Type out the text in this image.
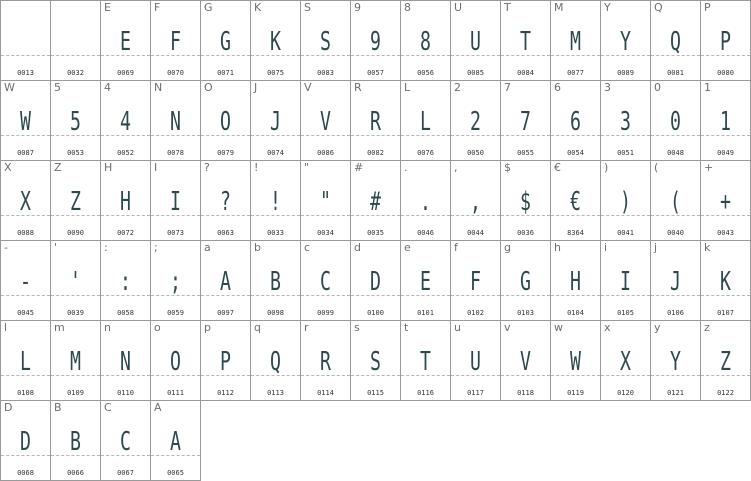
0013	0032
E
E
0069
F
F
0070
G
G
0071
K
K
0075
S
S
0083
9
9
0057
8
8
0056
U
U
0085
T
T
0084
M
M
0077
Y
Y
0089
Q
Q
0081
P
P
0080
W
W
0087
5
5
0053
4
4
0052
N
N
0078
O
O
0079
J
J
0074
V
V
0086
R
R
0082
L
L
0076
2
2
0050
7
7
0055
6
6
0054
3
3
0051
0
0
0048
1
1
0049
X
X
0088
Z
Z
0090
H
H
0072
I
I
0073
?
?
0063
!
!
0033
"
"
0034
#
#
0035
.
.
0046
,
,
0044
$
$
0036
€
€
8364
)
)
0041
(
(
0040
+
+
0043
-
-
0045
'
'
0039
:
:
0058
;
;
0059
a
A
0097
b
B
0098
c
C
0099
d
D
0100
e
E
0101
f
F
0102
g
G
0103
h
H
0104
i
I
0105
j
J
0106
k
K
0107
l
L
0108
m
M
0109
n
N
0110
o
O
0111
p
P
0112
q
Q
0113
r
R
0114
s
S
0115
t
T
0116
u
U
0117
v
V
0118
w
W
0119
x
X
0120
y
Y
0121
z
Z
0122
D
D
0068
B
B
0066
C
C
0067
A
A
0065
